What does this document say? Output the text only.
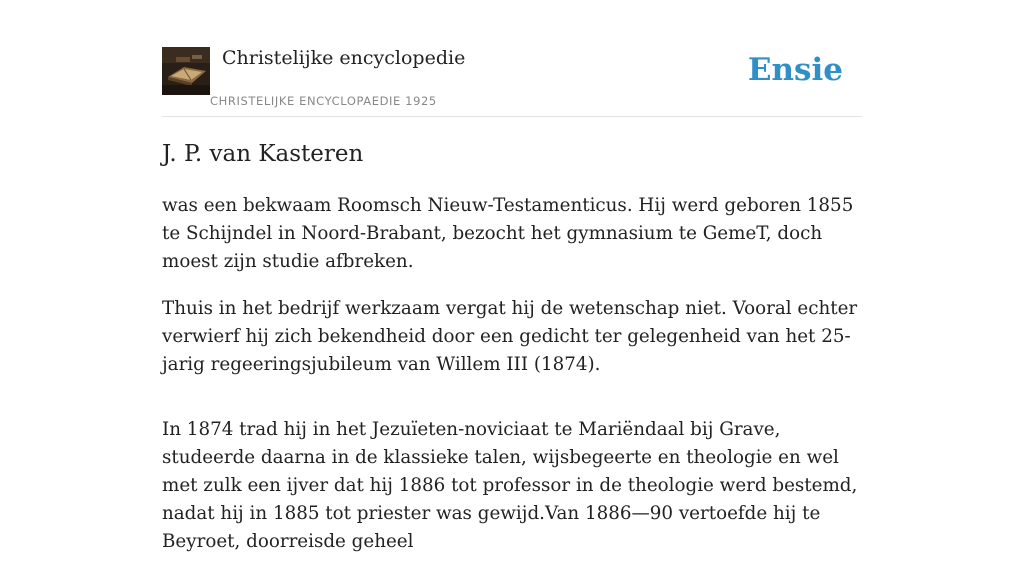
Christelijke encyclopedie
CHRISTELIJKE ENCYCLOPAEDIE 1925
Ensie
J. P. van Kasteren

was een bekwaam Roomsch Nieuw-Testamenticus. Hij werd geboren 1855 te Schijndel in Noord-Brabant, bezocht het gymnasium te GemeT, doch moest zijn studie afbreken.

Thuis in het bedrijf werkzaam vergat hij de wetenschap niet. Vooral echter verwierf hij zich bekendheid door een gedicht ter gelegenheid van het 25-jarig regeeringsjubileum van Willem III (1874).

In 1874 trad hij in het Jezuïeten-noviciaat te Mariëndaal bij Grave, studeerde daarna in de klassieke talen, wijsbegeerte en theologie en wel met zulk een ijver dat hij 1886 tot professor in de theologie werd bestemd, nadat hij in 1885 tot priester was gewijd.Van 1886—90 vertoefde hij te Beyroet, doorreisde geheel
